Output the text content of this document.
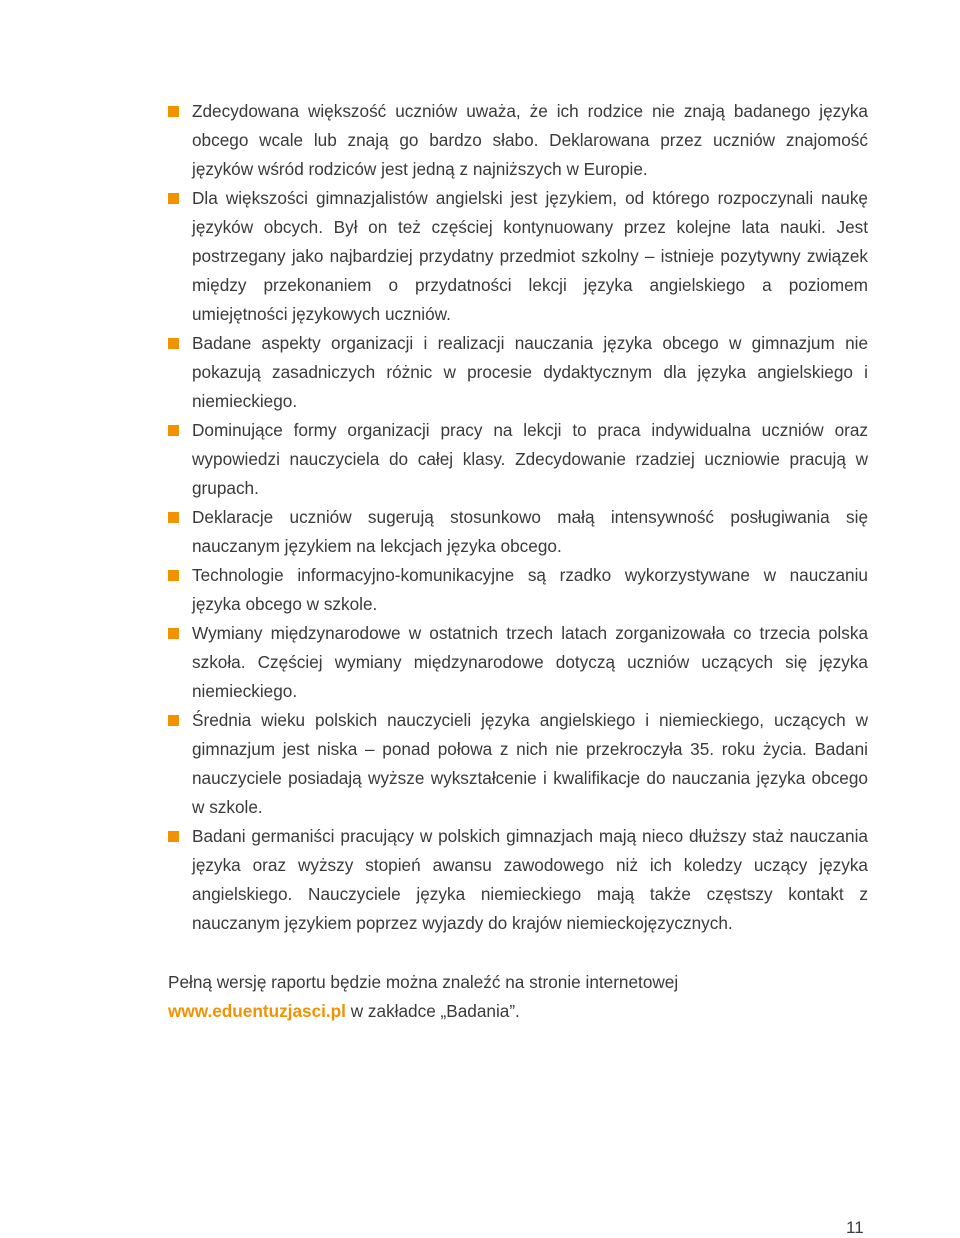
Zdecydowana większość uczniów uważa, że ich rodzice nie znają badanego języka obcego wcale lub znają go bardzo słabo. Deklarowana przez uczniów znajomość języków wśród rodziców jest jedną z najniższych w Europie.
Dla większości gimnazjalistów angielski jest językiem, od którego rozpoczynali naukę języków obcych. Był on też częściej kontynuowany przez kolejne lata nauki. Jest postrzegany jako najbardziej przydatny przedmiot szkolny – istnieje pozytywny związek między przekonaniem o przydatności lekcji języka angielskiego a poziomem umiejętności językowych uczniów.
Badane aspekty organizacji i realizacji nauczania języka obcego w gimnazjum nie pokazują zasadniczych różnic w procesie dydaktycznym dla języka angielskiego i niemieckiego.
Dominujące formy organizacji pracy na lekcji to praca indywidualna uczniów oraz wypowiedzi nauczyciela do całej klasy. Zdecydowanie rzadziej uczniowie pracują w grupach.
Deklaracje uczniów sugerują stosunkowo małą intensywność posługiwania się nauczanym językiem na lekcjach języka obcego.
Technologie informacyjno-komunikacyjne są rzadko wykorzystywane w nauczaniu języka obcego w szkole.
Wymiany międzynarodowe w ostatnich trzech latach zorganizowała co trzecia polska szkoła. Częściej wymiany międzynarodowe dotyczą uczniów uczących się języka niemieckiego.
Średnia wieku polskich nauczycieli języka angielskiego i niemieckiego, uczących w gimnazjum jest niska – ponad połowa z nich nie przekroczyła 35. roku życia. Badani nauczyciele posiadają wyższe wykształcenie i kwalifikacje do nauczania języka obcego w szkole.
Badani germaniści pracujący w polskich gimnazjach mają nieco dłuższy staż nauczania języka oraz wyższy stopień awansu zawodowego niż ich koledzy uczący języka angielskiego. Nauczyciele języka niemieckiego mają także częstszy kontakt z nauczanym językiem poprzez wyjazdy do krajów niemieckojęzycznych.

Pełną wersję raportu będzie można znaleźć na stronie internetowej
www.eduentuzjasci.pl w zakładce „Badania”.

11
